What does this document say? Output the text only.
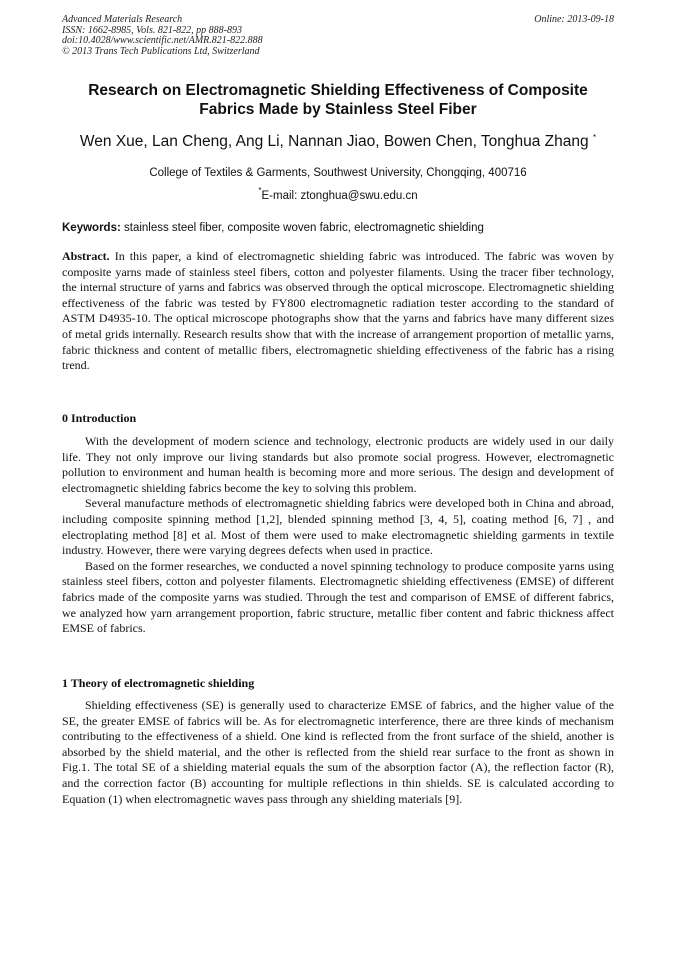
Advanced Materials Research
ISSN: 1662-8985, Vols. 821-822, pp 888-893
doi:10.4028/www.scientific.net/AMR.821-822.888
© 2013 Trans Tech Publications Ltd, Switzerland
Online: 2013-09-18
Research on Electromagnetic Shielding Effectiveness of Composite Fabrics Made by Stainless Steel Fiber
Wen Xue, Lan Cheng, Ang Li, Nannan Jiao, Bowen Chen, Tonghua Zhang *
College of Textiles & Garments, Southwest University, Chongqing, 400716
*E-mail: ztonghua@swu.edu.cn
Keywords: stainless steel fiber, composite woven fabric, electromagnetic shielding

Abstract. In this paper, a kind of electromagnetic shielding fabric was introduced. The fabric was woven by composite yarns made of stainless steel fibers, cotton and polyester filaments. Using the tracer fiber technology, the internal structure of yarns and fabrics was observed through the optical microscope. Electromagnetic shielding effectiveness of the fabric was tested by FY800 electromagnetic radiation tester according to the standard of ASTM D4935-10. The optical microscope photographs show that the yarns and fabrics have many different sizes of metal grids internally. Research results show that with the increase of arrangement proportion of metallic yarns, fabric thickness and content of metallic fibers, electromagnetic shielding effectiveness of the fabric has a rising trend.

0 Introduction

With the development of modern science and technology, electronic products are widely used in our daily life. They not only improve our living standards but also promote social progress. However, electromagnetic pollution to environment and human health is becoming more and more serious. The design and development of electromagnetic shielding fabrics become the key to solving this problem.

Several manufacture methods of electromagnetic shielding fabrics were developed both in China and abroad, including composite spinning method [1,2], blended spinning method [3, 4, 5], coating method [6, 7] , and electroplating method [8] et al. Most of them were used to make electromagnetic shielding garments in textile industry. However, there were varying degrees defects when used in practice.

Based on the former researches, we conducted a novel spinning technology to produce composite yarns using stainless steel fibers, cotton and polyester filaments. Electromagnetic shielding effectiveness (EMSE) of different fabrics made of the composite yarns was studied. Through the test and comparison of EMSE of different fabrics, we analyzed how yarn arrangement proportion, fabric structure, metallic fiber content and fabric thickness affect EMSE of fabrics.

1 Theory of electromagnetic shielding

Shielding effectiveness (SE) is generally used to characterize EMSE of fabrics, and the higher value of the SE, the greater EMSE of fabrics will be. As for electromagnetic interference, there are three kinds of mechanism contributing to the effectiveness of a shield. One kind is reflected from the front surface of the shield, another is absorbed by the shield material, and the other is reflected from the shield rear surface to the front as shown in Fig.1. The total SE of a shielding material equals the sum of the absorption factor (A), the reflection factor (R), and the correction factor (B) accounting for multiple reflections in thin shields. SE is calculated according to Equation (1) when electromagnetic waves pass through any shielding materials [9].
